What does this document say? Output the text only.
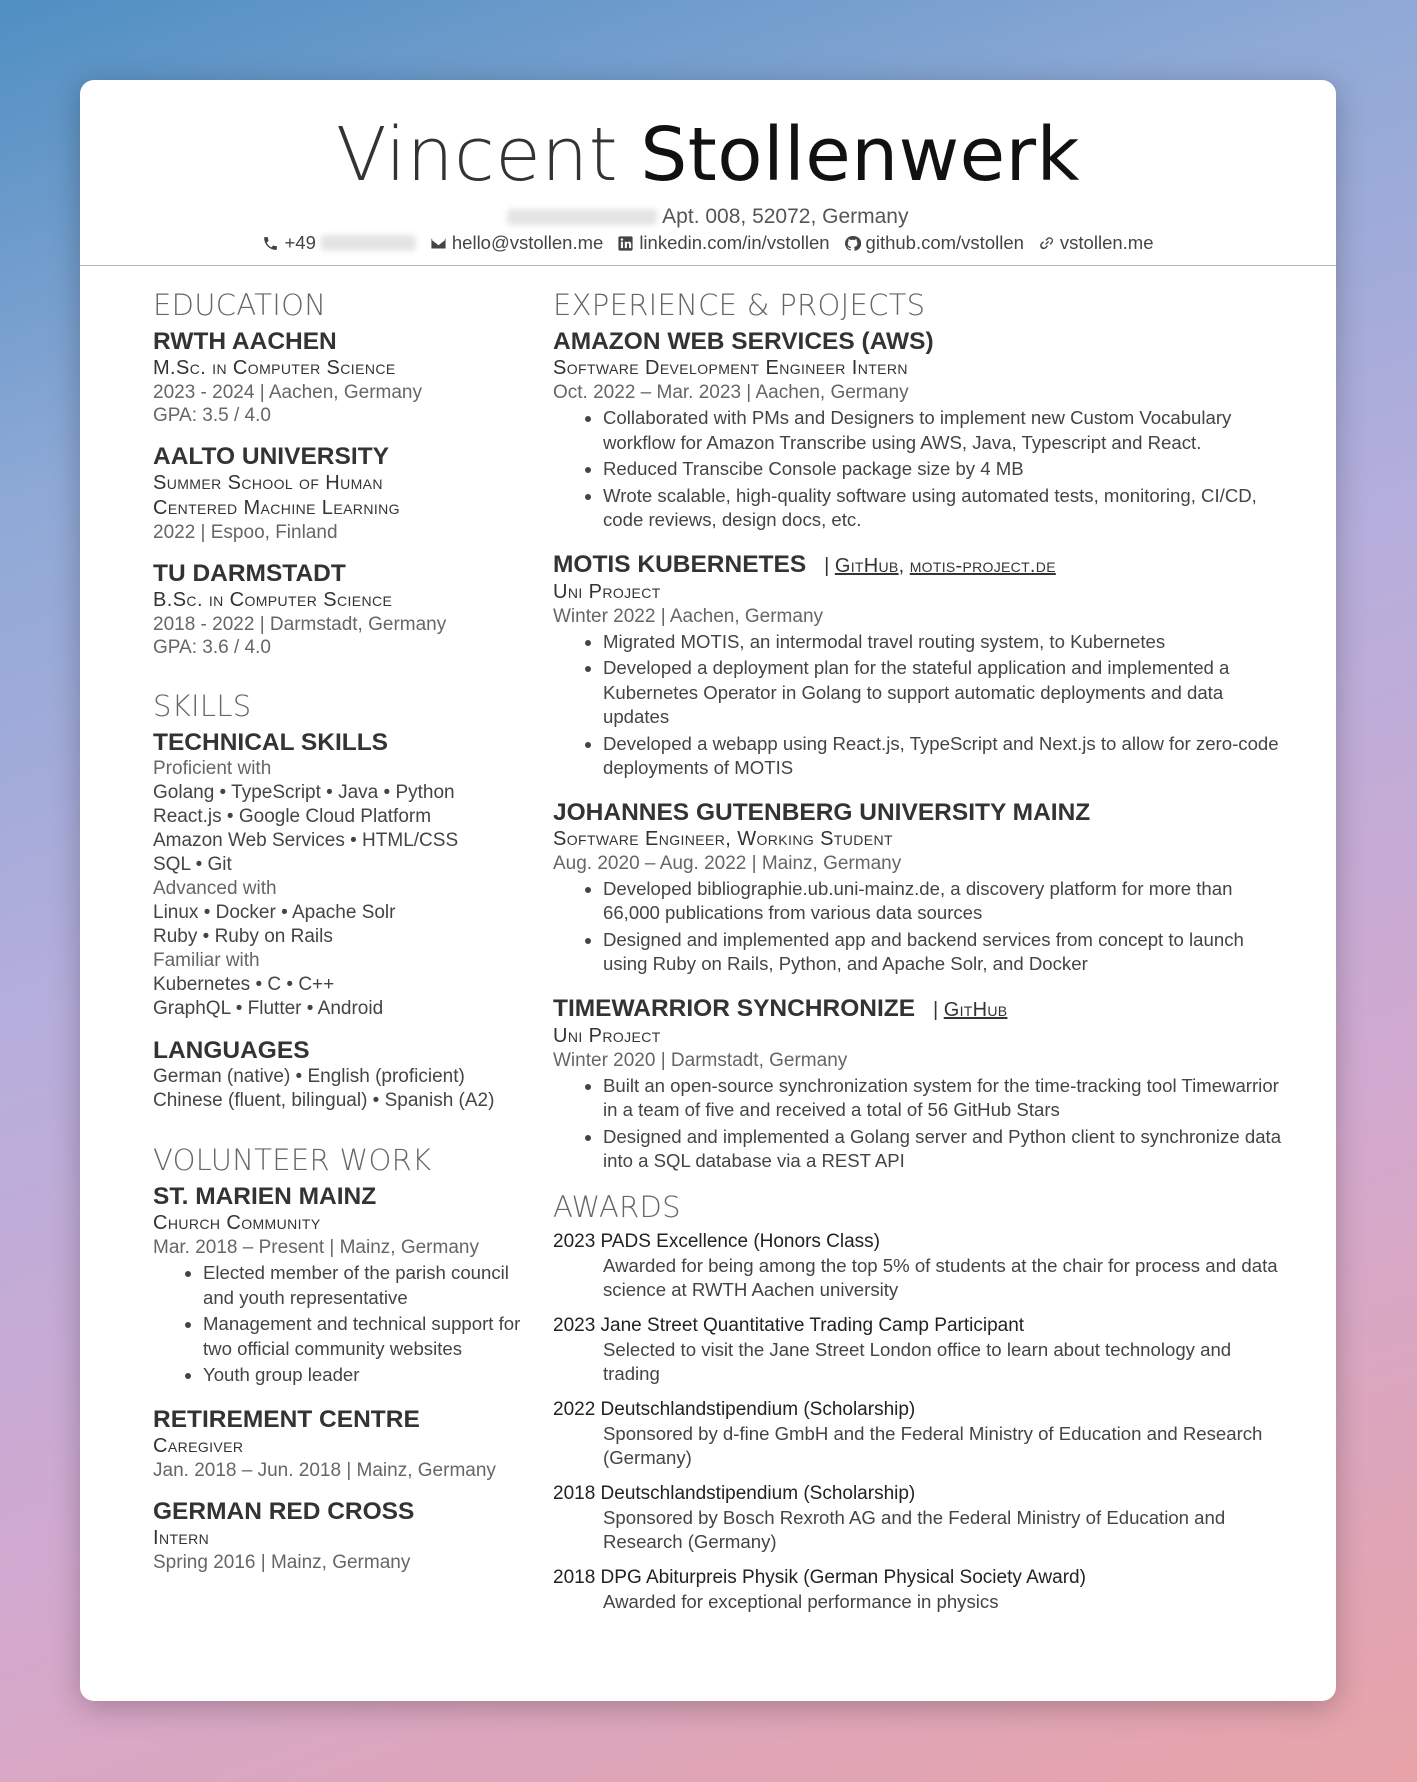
Vincent Stollenwerk
Apt. 008, 52072, Germany
+49	hello@vstollen.me linkedin.com/in/vstollen github.com/vstollen vstollen.me
EDUCATION
RWTH AACHEN
M.Sc. in Computer Science
2023 - 2024 | Aachen, Germany
GPA: 3.5 / 4.0
AALTO UNIVERSITY
Summer School of Human
Centered Machine Learning
2022 | Espoo, Finland
TU DARMSTADT
B.Sc. in Computer Science
2018 - 2022 | Darmstadt, Germany
GPA: 3.6 / 4.0
SKILLS
TECHNICAL SKILLS
Proficient with
Golang • TypeScript • Java • Python
React.js • Google Cloud Platform
Amazon Web Services • HTML/CSS
SQL • Git
Advanced with
Linux • Docker • Apache Solr
Ruby • Ruby on Rails
Familiar with
Kubernetes • C • C++
GraphQL • Flutter • Android
LANGUAGES
German (native) • English (proficient)
Chinese (fluent, bilingual) • Spanish (A2)
VOLUNTEER WORK
ST. MARIEN MAINZ
Church Community
Mar. 2018 – Present | Mainz, Germany
• Elected member of the parish council and youth representative
• Management and technical support for two official community websites
• Youth group leader
RETIREMENT CENTRE
Caregiver
Jan. 2018 – Jun. 2018 | Mainz, Germany
GERMAN RED CROSS
Intern
Spring 2016 | Mainz, Germany
EXPERIENCE & PROJECTS
AMAZON WEB SERVICES (AWS)
Software Development Engineer Intern
Oct. 2022 – Mar. 2023 | Aachen, Germany
• Collaborated with PMs and Designers to implement new Custom Vocabulary workflow for Amazon Transcribe using AWS, Java, Typescript and React.
• Reduced Transcibe Console package size by 4 MB
• Wrote scalable, high-quality software using automated tests, monitoring, CI/CD, code reviews, design docs, etc.
MOTIS KUBERNETES   | GitHub, motis-project.de
Uni Project
Winter 2022 | Aachen, Germany
• Migrated MOTIS, an intermodal travel routing system, to Kubernetes
• Developed a deployment plan for the stateful application and implemented a Kubernetes Operator in Golang to support automatic deployments and data updates
• Developed a webapp using React.js, TypeScript and Next.js to allow for zero-code deployments of MOTIS
JOHANNES GUTENBERG UNIVERSITY MAINZ
Software Engineer, Working Student
Aug. 2020 – Aug. 2022 | Mainz, Germany
• Developed bibliographie.ub.uni-mainz.de, a discovery platform for more than 66,000 publications from various data sources
• Designed and implemented app and backend services from concept to launch using Ruby on Rails, Python, and Apache Solr, and Docker
TIMEWARRIOR SYNCHRONIZE   | GitHub
Uni Project
Winter 2020 | Darmstadt, Germany
• Built an open-source synchronization system for the time-tracking tool Timewarrior in a team of five and received a total of 56 GitHub Stars
• Designed and implemented a Golang server and Python client to synchronize data into a SQL database via a REST API
AWARDS
2023 PADS Excellence (Honors Class)
Awarded for being among the top 5% of students at the chair for process and data science at RWTH Aachen university
2023 Jane Street Quantitative Trading Camp Participant
Selected to visit the Jane Street London office to learn about technology and trading
2022 Deutschlandstipendium (Scholarship)
Sponsored by d-fine GmbH and the Federal Ministry of Education and Research (Germany)
2018 Deutschlandstipendium (Scholarship)
Sponsored by Bosch Rexroth AG and the Federal Ministry of Education and Research (Germany)
2018 DPG Abiturpreis Physik (German Physical Society Award)
Awarded for exceptional performance in physics
